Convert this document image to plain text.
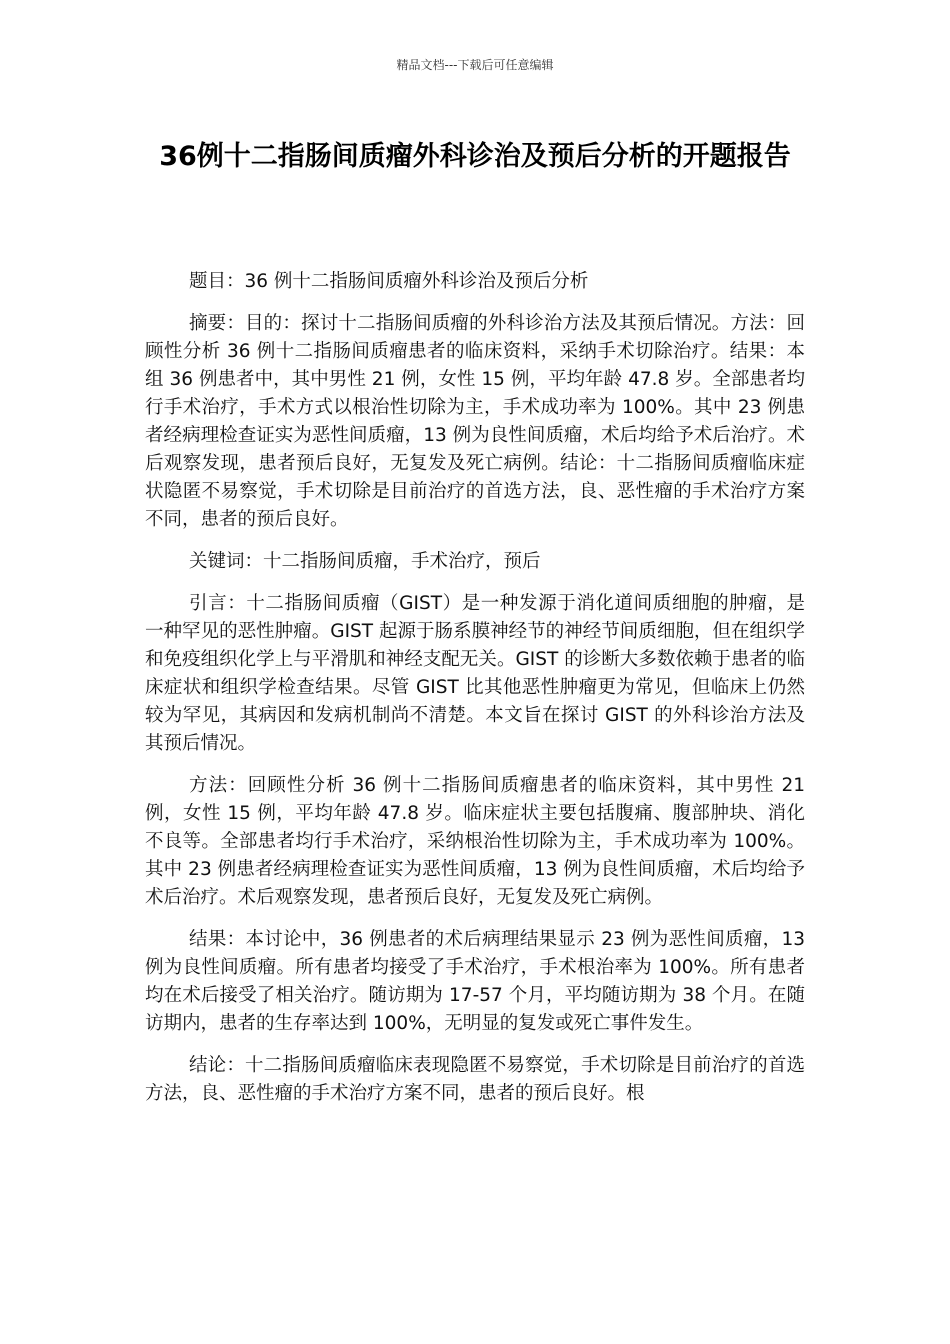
精品文档---下载后可任意编辑
36例十二指肠间质瘤外科诊治及预后分析的开题报告

题目：36 例十二指肠间质瘤外科诊治及预后分析

摘要：目的：探讨十二指肠间质瘤的外科诊治方法及其预后情况。方法：回顾性分析 36 例十二指肠间质瘤患者的临床资料，采纳手术切除治疗。结果：本组 36 例患者中，其中男性 21 例，女性 15 例，平均年龄 47.8 岁。全部患者均行手术治疗，手术方式以根治性切除为主，手术成功率为 100%。其中 23 例患者经病理检查证实为恶性间质瘤，13 例为良性间质瘤，术后均给予术后治疗。术后观察发现，患者预后良好，无复发及死亡病例。结论：十二指肠间质瘤临床症状隐匿不易察觉，手术切除是目前治疗的首选方法，良、恶性瘤的手术治疗方案不同，患者的预后良好。

关键词：十二指肠间质瘤，手术治疗，预后

引言：十二指肠间质瘤（GIST）是一种发源于消化道间质细胞的肿瘤，是一种罕见的恶性肿瘤。GIST 起源于肠系膜神经节的神经节间质细胞，但在组织学和免疫组织化学上与平滑肌和神经支配无关。GIST 的诊断大多数依赖于患者的临床症状和组织学检查结果。尽管 GIST 比其他恶性肿瘤更为常见，但临床上仍然较为罕见，其病因和发病机制尚不清楚。本文旨在探讨 GIST 的外科诊治方法及其预后情况。

方法：回顾性分析 36 例十二指肠间质瘤患者的临床资料，其中男性 21 例，女性 15 例，平均年龄 47.8 岁。临床症状主要包括腹痛、腹部肿块、消化不良等。全部患者均行手术治疗，采纳根治性切除为主，手术成功率为 100%。其中 23 例患者经病理检查证实为恶性间质瘤，13 例为良性间质瘤，术后均给予术后治疗。术后观察发现，患者预后良好，无复发及死亡病例。

结果：本讨论中，36 例患者的术后病理结果显示 23 例为恶性间质瘤，13 例为良性间质瘤。所有患者均接受了手术治疗，手术根治率为 100%。所有患者均在术后接受了相关治疗。随访期为 17-57 个月，平均随访期为 38 个月。在随访期内，患者的生存率达到 100%，无明显的复发或死亡事件发生。

结论：十二指肠间质瘤临床表现隐匿不易察觉，手术切除是目前治疗的首选方法，良、恶性瘤的手术治疗方案不同，患者的预后良好。根
